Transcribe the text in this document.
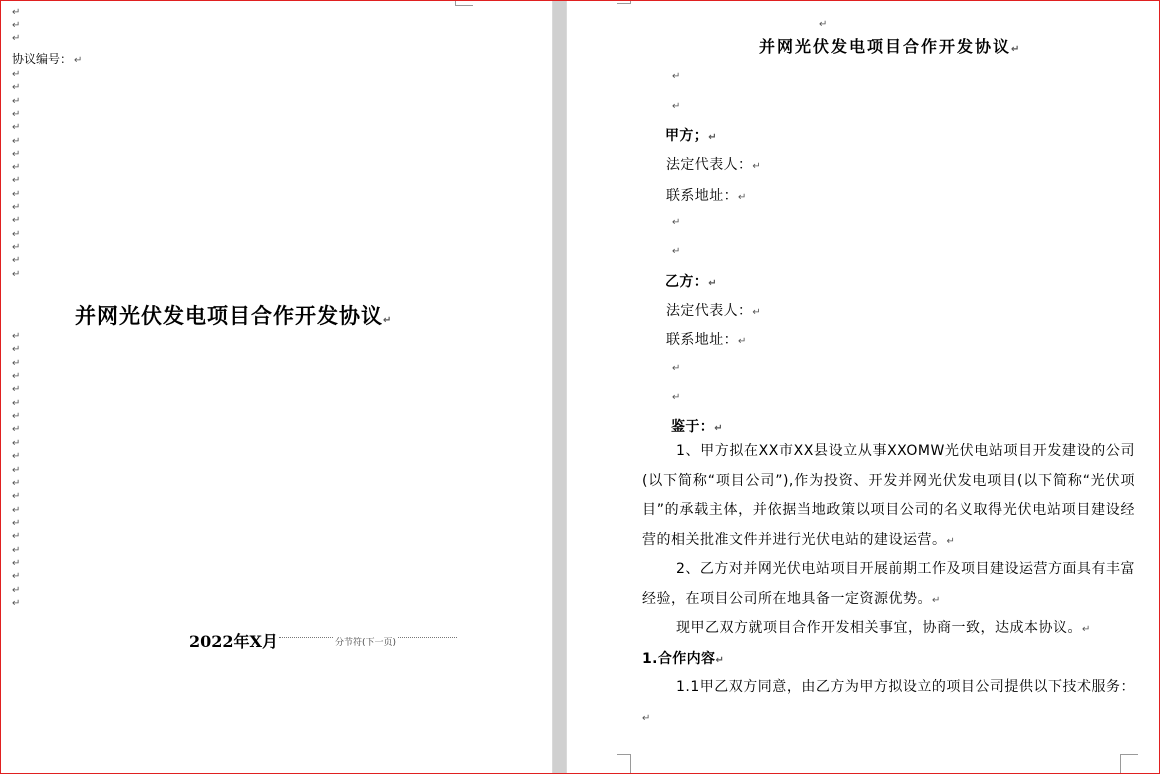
↵
↵
↵
↵
↵
↵
↵
↵
↵
↵
↵
↵
↵
↵
↵
↵
↵
↵
↵
协议编号： ↵
并网光伏发电项目合作开发协议↵
↵
↵
↵
↵
↵
↵
↵
↵
↵
↵
↵
↵
↵
↵
↵
↵
↵
↵
↵
↵
↵
2022年X月	分节符(下一页)
↵
并网光伏发电项目合作开发协议↵
↵
↵
甲方；↵
法定代表人：↵
联系地址：↵
↵
↵
乙方：↵
法定代表人：↵
联系地址：↵
↵
↵
鉴于：↵
1、甲方拟在XX市XX县设立从事XXOMW光伏电站项目开发建设的公司(以下简称“项目公司”),作为投资、开发并网光伏发电项目(以下简称“光伏项目”的承载主体，并依据当地政策以项目公司的名义取得光伏电站项目建设经营的相关批准文件并进行光伏电站的建设运营。↵
2、乙方对并网光伏电站项目开展前期工作及项目建设运营方面具有丰富经验，在项目公司所在地具备一定资源优势。↵
现甲乙双方就项目合作开发相关事宜，协商一致，达成本协议。↵
1.合作内容↵
1.1甲乙双方同意，由乙方为甲方拟设立的项目公司提供以下技术服务：↵
